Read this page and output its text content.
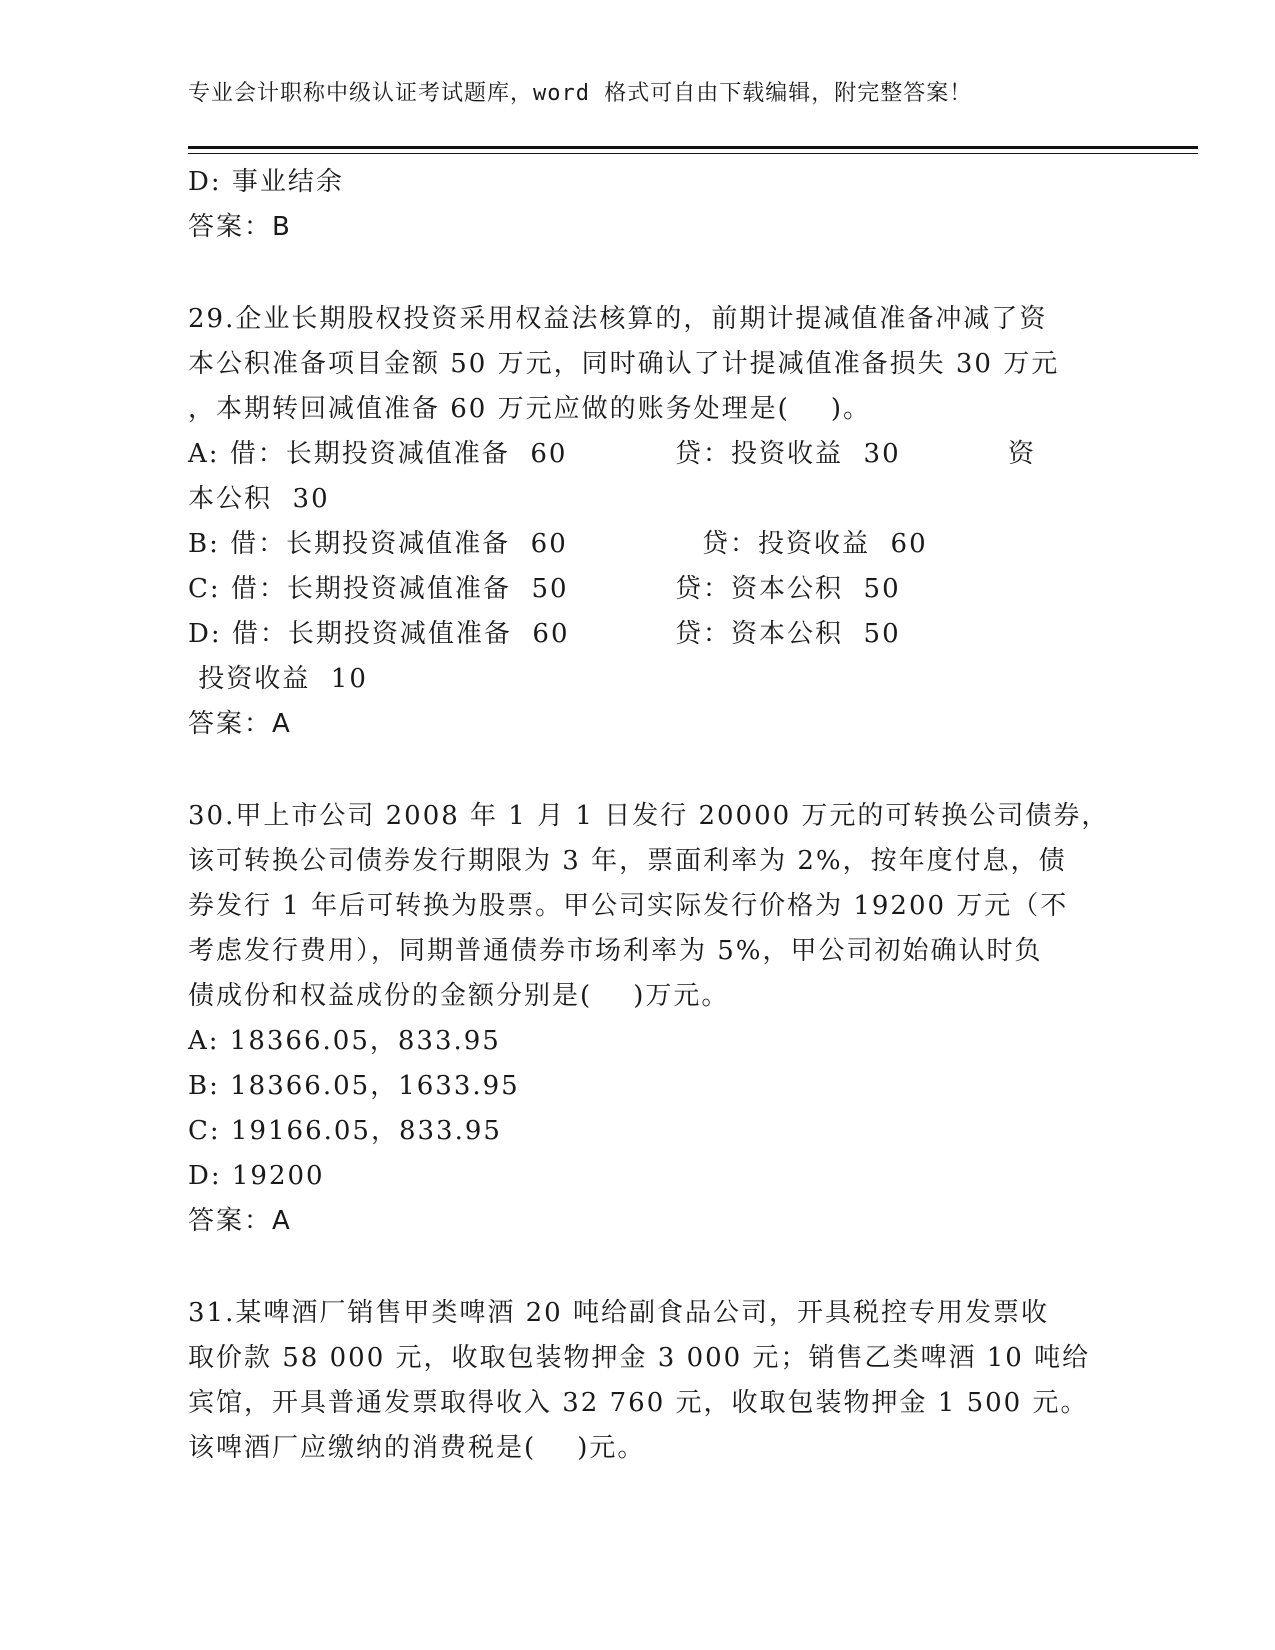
专业会计职称中级认证考试题库，word 格式可自由下载编辑，附完整答案！
D: 事业结余
答案：B
29.企业长期股权投资采用权益法核算的，前期计提减值准备冲减了资
本公积准备项目金额 50 万元，同时确认了计提减值准备损失 30 万元
，本期转回减值准备 60 万元应做的账务处理是(    )。

A: 借：长期投资减值准备  60

	贷：投资收益  30

	资

本公积  30

B: 借：长期投资减值准备  60

	贷：投资收益  60

C: 借：长期投资减值准备  50

	贷：资本公积  50

D: 借：长期投资减值准备  60

	贷：资本公积  50

投资收益  10
答案：A
30.甲上市公司 2008 年 1 月 1 日发行 20000 万元的可转换公司债券，
该可转换公司债券发行期限为 3 年，票面利率为 2%，按年度付息，债
券发行 1 年后可转换为股票。甲公司实际发行价格为 19200 万元（不
考虑发行费用），同期普通债券市场利率为 5%，甲公司初始确认时负
债成份和权益成份的金额分别是(    )万元。
A: 18366.05，833.95
B: 18366.05，1633.95
C: 19166.05，833.95
D: 19200
答案：A
31.某啤酒厂销售甲类啤酒 20 吨给副食品公司，开具税控专用发票收
取价款 58 000 元，收取包装物押金 3 000 元；销售乙类啤酒 10 吨给
宾馆，开具普通发票取得收入 32 760 元，收取包装物押金 1 500 元。
该啤酒厂应缴纳的消费税是(    )元。
